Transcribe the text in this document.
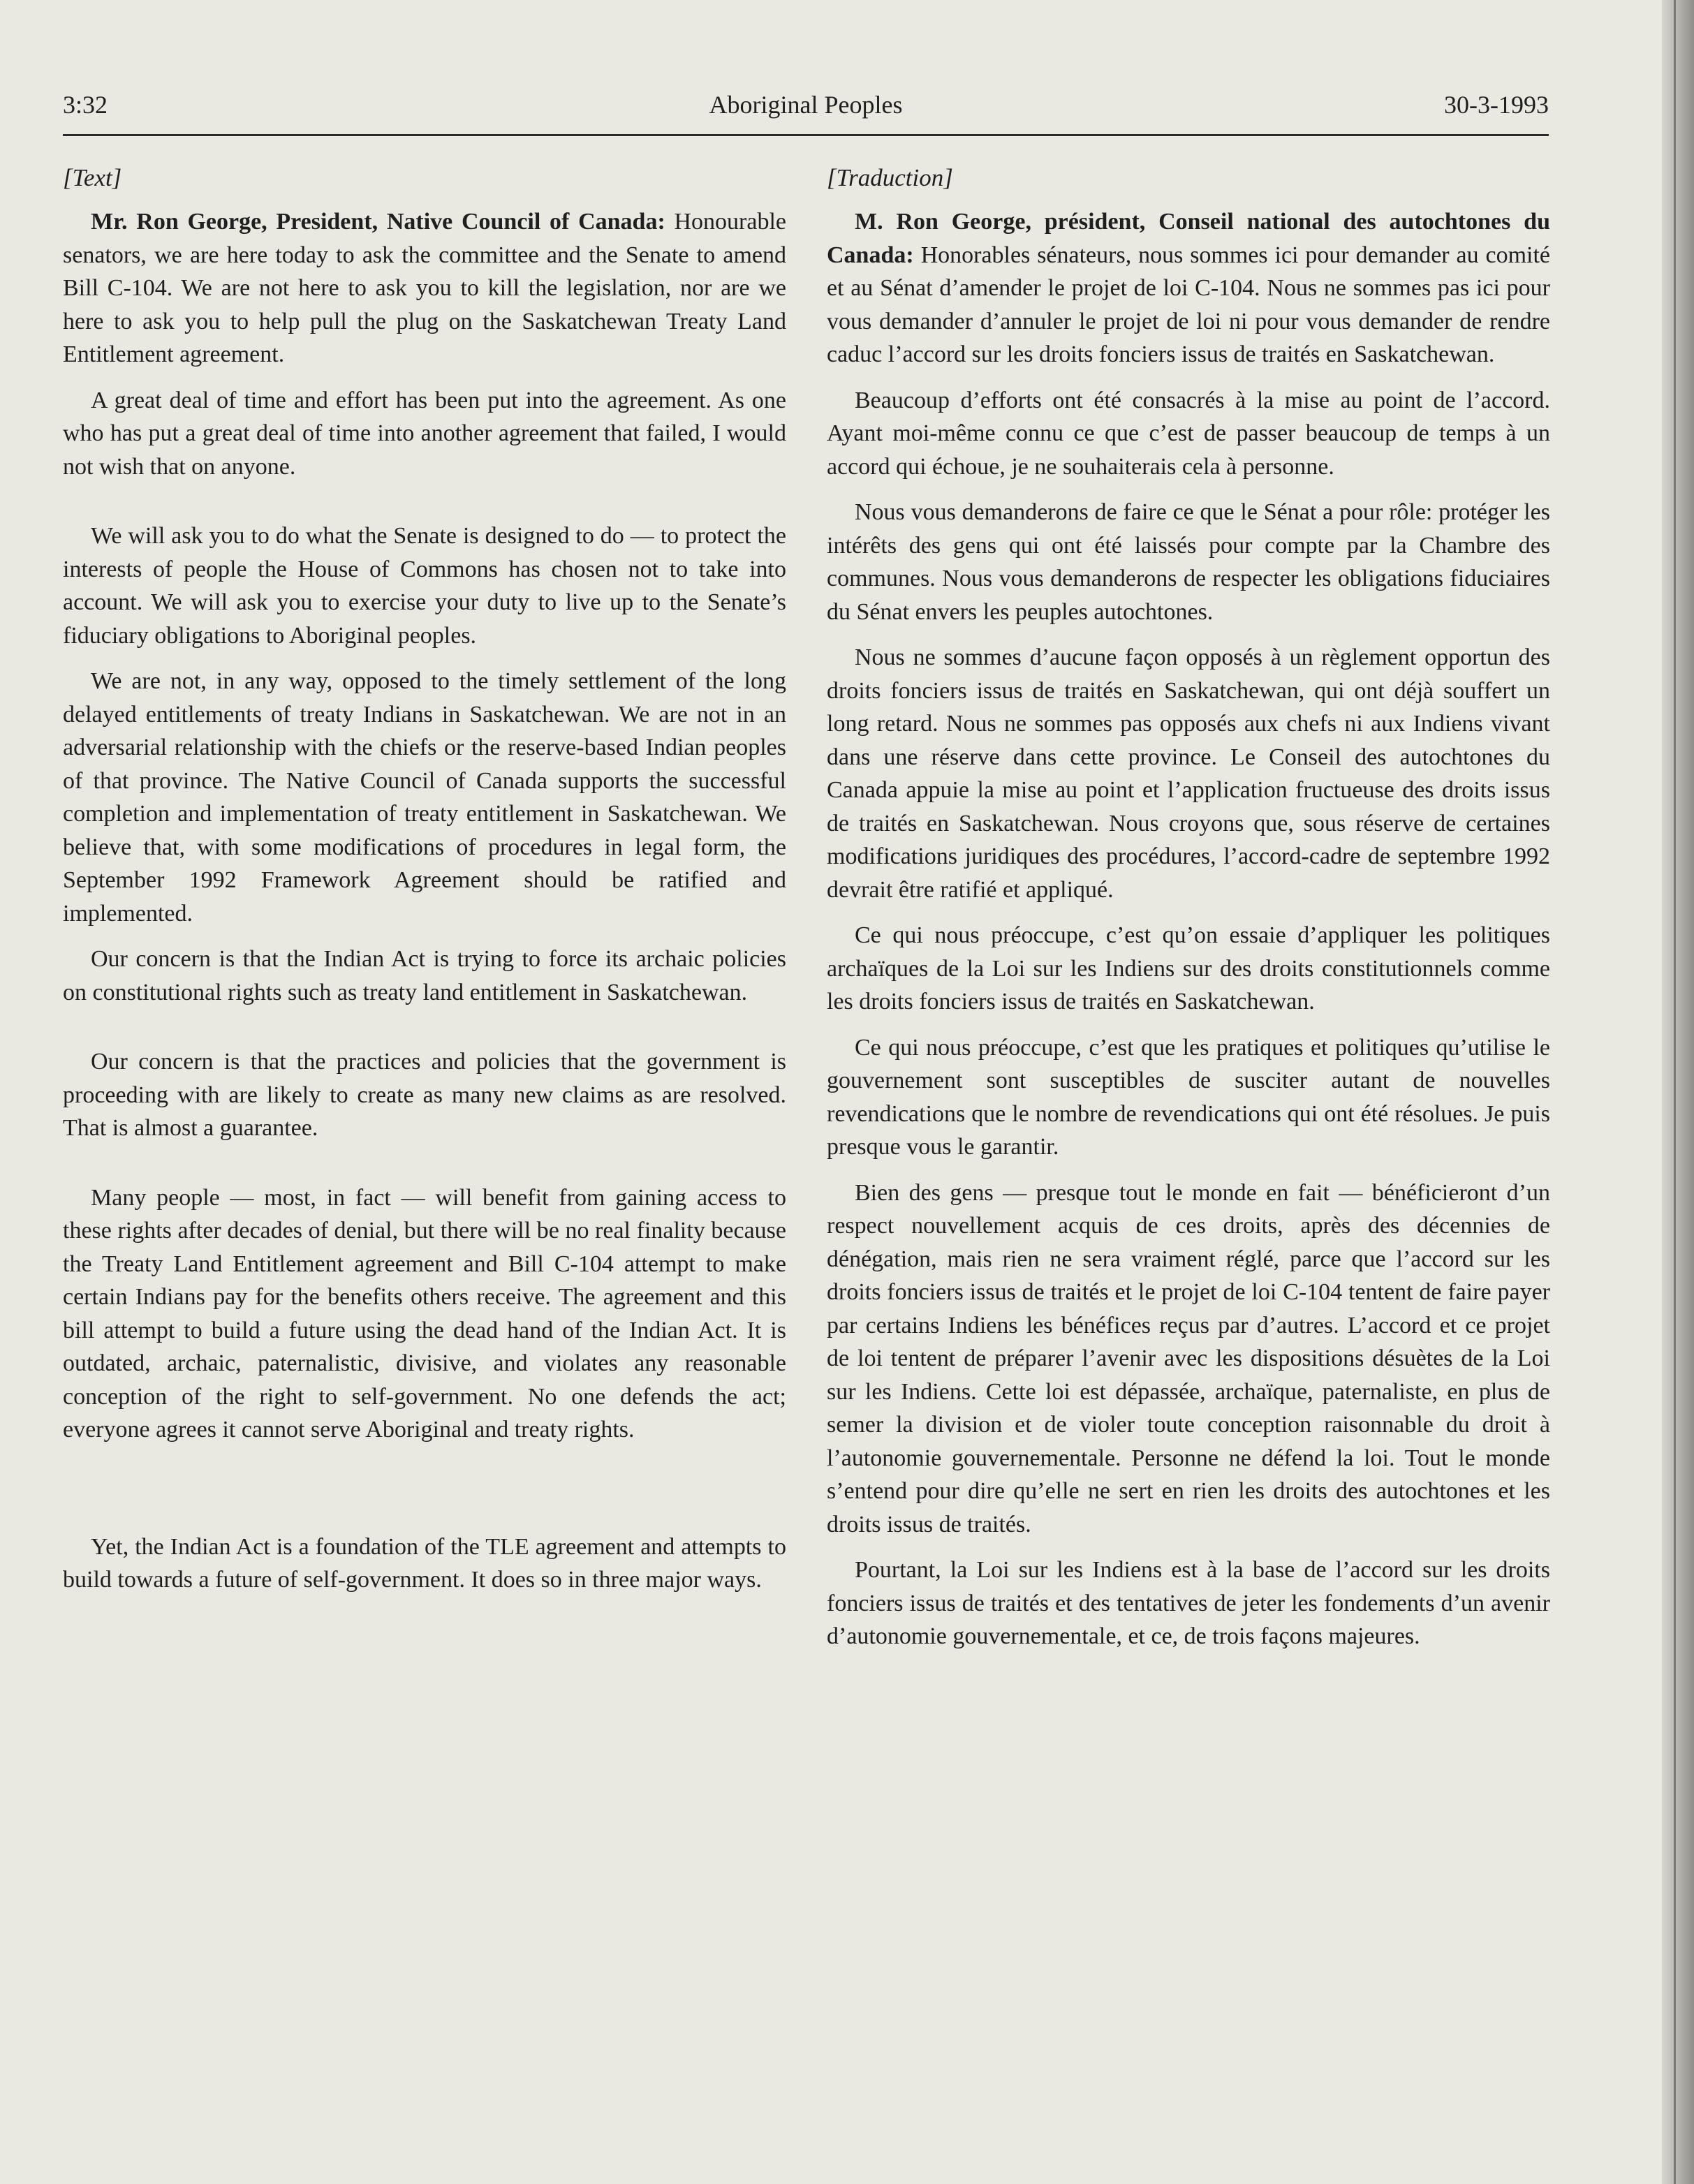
3:32	Aboriginal Peoples	30-3-1993
[Text]

Mr. Ron George, President, Native Council of Canada: Honourable senators, we are here today to ask the committee and the Senate to amend Bill C-104. We are not here to ask you to kill the legislation, nor are we here to ask you to help pull the plug on the Saskatchewan Treaty Land Entitlement agreement.

A great deal of time and effort has been put into the agreement. As one who has put a great deal of time into another agreement that failed, I would not wish that on anyone.

We will ask you to do what the Senate is designed to do — to protect the interests of people the House of Commons has chosen not to take into account. We will ask you to exercise your duty to live up to the Senate’s fiduciary obligations to Aboriginal peoples.

We are not, in any way, opposed to the timely settlement of the long delayed entitlements of treaty Indians in Saskatchewan. We are not in an adversarial relationship with the chiefs or the reserve-based Indian peoples of that province. The Native Council of Canada supports the successful completion and implementation of treaty entitlement in Saskatchewan. We believe that, with some modifications of procedures in legal form, the September 1992 Framework Agreement should be ratified and implemented.

Our concern is that the Indian Act is trying to force its archaic policies on constitutional rights such as treaty land entitlement in Saskatchewan.

Our concern is that the practices and policies that the government is proceeding with are likely to create as many new claims as are resolved. That is almost a guarantee.

Many people — most, in fact — will benefit from gaining access to these rights after decades of denial, but there will be no real finality because the Treaty Land Entitlement agreement and Bill C-104 attempt to make certain Indians pay for the benefits others receive. The agreement and this bill attempt to build a future using the dead hand of the Indian Act. It is outdated, archaic, paternalistic, divisive, and violates any reasonable conception of the right to self-government. No one defends the act; everyone agrees it cannot serve Aboriginal and treaty rights.

Yet, the Indian Act is a foundation of the TLE agreement and attempts to build towards a future of self-government. It does so in three major ways.

[Traduction]

M. Ron George, président, Conseil national des autochtones du Canada: Honorables sénateurs, nous sommes ici pour demander au comité et au Sénat d’amender le projet de loi C-104. Nous ne sommes pas ici pour vous demander d’annuler le projet de loi ni pour vous demander de rendre caduc l’accord sur les droits fonciers issus de traités en Saskatchewan.

Beaucoup d’efforts ont été consacrés à la mise au point de l’accord. Ayant moi-même connu ce que c’est de passer beaucoup de temps à un accord qui échoue, je ne souhaiterais cela à personne.

Nous vous demanderons de faire ce que le Sénat a pour rôle: protéger les intérêts des gens qui ont été laissés pour compte par la Chambre des communes. Nous vous demanderons de respecter les obligations fiduciaires du Sénat envers les peuples autochtones.

Nous ne sommes d’aucune façon opposés à un règlement opportun des droits fonciers issus de traités en Saskatchewan, qui ont déjà souffert un long retard. Nous ne sommes pas opposés aux chefs ni aux Indiens vivant dans une réserve dans cette province. Le Conseil des autochtones du Canada appuie la mise au point et l’application fructueuse des droits issus de traités en Saskatchewan. Nous croyons que, sous réserve de certaines modifications juridiques des procédures, l’accord-cadre de septembre 1992 devrait être ratifié et appliqué.

Ce qui nous préoccupe, c’est qu’on essaie d’appliquer les politiques archaïques de la Loi sur les Indiens sur des droits constitutionnels comme les droits fonciers issus de traités en Saskatchewan.

Ce qui nous préoccupe, c’est que les pratiques et politiques qu’utilise le gouvernement sont susceptibles de susciter autant de nouvelles revendications que le nombre de revendications qui ont été résolues. Je puis presque vous le garantir.

Bien des gens — presque tout le monde en fait — bénéficieront d’un respect nouvellement acquis de ces droits, après des décennies de dénégation, mais rien ne sera vraiment réglé, parce que l’accord sur les droits fonciers issus de traités et le projet de loi C-104 tentent de faire payer par certains Indiens les bénéfices reçus par d’autres. L’accord et ce projet de loi tentent de préparer l’avenir avec les dispositions désuètes de la Loi sur les Indiens. Cette loi est dépassée, archaïque, paternaliste, en plus de semer la division et de violer toute conception raisonnable du droit à l’autonomie gouvernementale. Personne ne défend la loi. Tout le monde s’entend pour dire qu’elle ne sert en rien les droits des autochtones et les droits issus de traités.

Pourtant, la Loi sur les Indiens est à la base de l’accord sur les droits fonciers issus de traités et des tentatives de jeter les fondements d’un avenir d’autonomie gouvernementale, et ce, de trois façons majeures.
